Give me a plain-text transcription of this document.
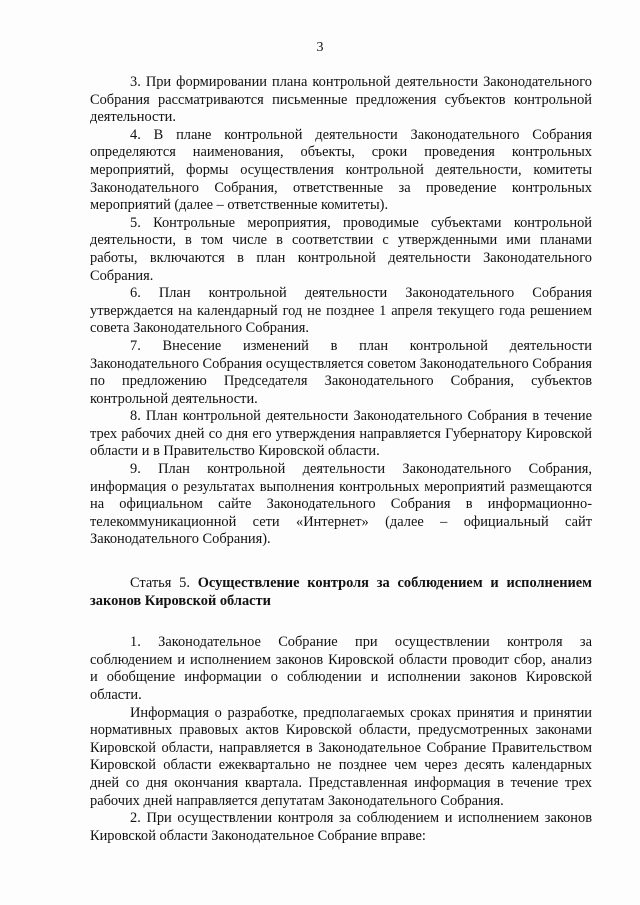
3

3. При формировании плана контрольной деятельности Законодательного Собрания рассматриваются письменные предложения субъектов контрольной деятельности.

4. В плане контрольной деятельности Законодательного Собрания определяются наименования, объекты, сроки проведения контрольных мероприятий, формы осуществления контрольной деятельности, комитеты Законодательного Собрания, ответственные за проведение контрольных мероприятий (далее – ответственные комитеты).

5. Контрольные мероприятия, проводимые субъектами контрольной деятельности, в том числе в соответствии с утвержденными ими планами работы, включаются в план контрольной деятельности Законодательного Собрания.

6. План контрольной деятельности Законодательного Собрания утверждается на календарный год не позднее 1 апреля текущего года решением совета Законодательного Собрания.

7. Внесение изменений в план контрольной деятельности Законодательного Собрания осуществляется советом Законодательного Собрания по предложению Председателя Законодательного Собрания, субъектов контрольной деятельности.

8. План контрольной деятельности Законодательного Собрания в течение трех рабочих дней со дня его утверждения направляется Губернатору Кировской области и в Правительство Кировской области.

9. План контрольной деятельности Законодательного Собрания, информация о результатах выполнения контрольных мероприятий размещаются на официальном сайте Законодательного Собрания в информационно-телекоммуникационной сети «Интернет» (далее – официальный сайт Законодательного Собрания).

Статья 5. Осуществление контроля за соблюдением и исполнением законов Кировской области

1. Законодательное Собрание при осуществлении контроля за соблюдением и исполнением законов Кировской области проводит сбор, анализ и обобщение информации о соблюдении и исполнении законов Кировской области.

Информация о разработке, предполагаемых сроках принятия и принятии нормативных правовых актов Кировской области, предусмотренных законами Кировской области, направляется в Законодательное Собрание Правительством Кировской области ежеквартально не позднее чем через десять календарных дней со дня окончания квартала. Представленная информация в течение трех рабочих дней направляется депутатам Законодательного Собрания.

2. При осуществлении контроля за соблюдением и исполнением законов Кировской области Законодательное Собрание вправе:
